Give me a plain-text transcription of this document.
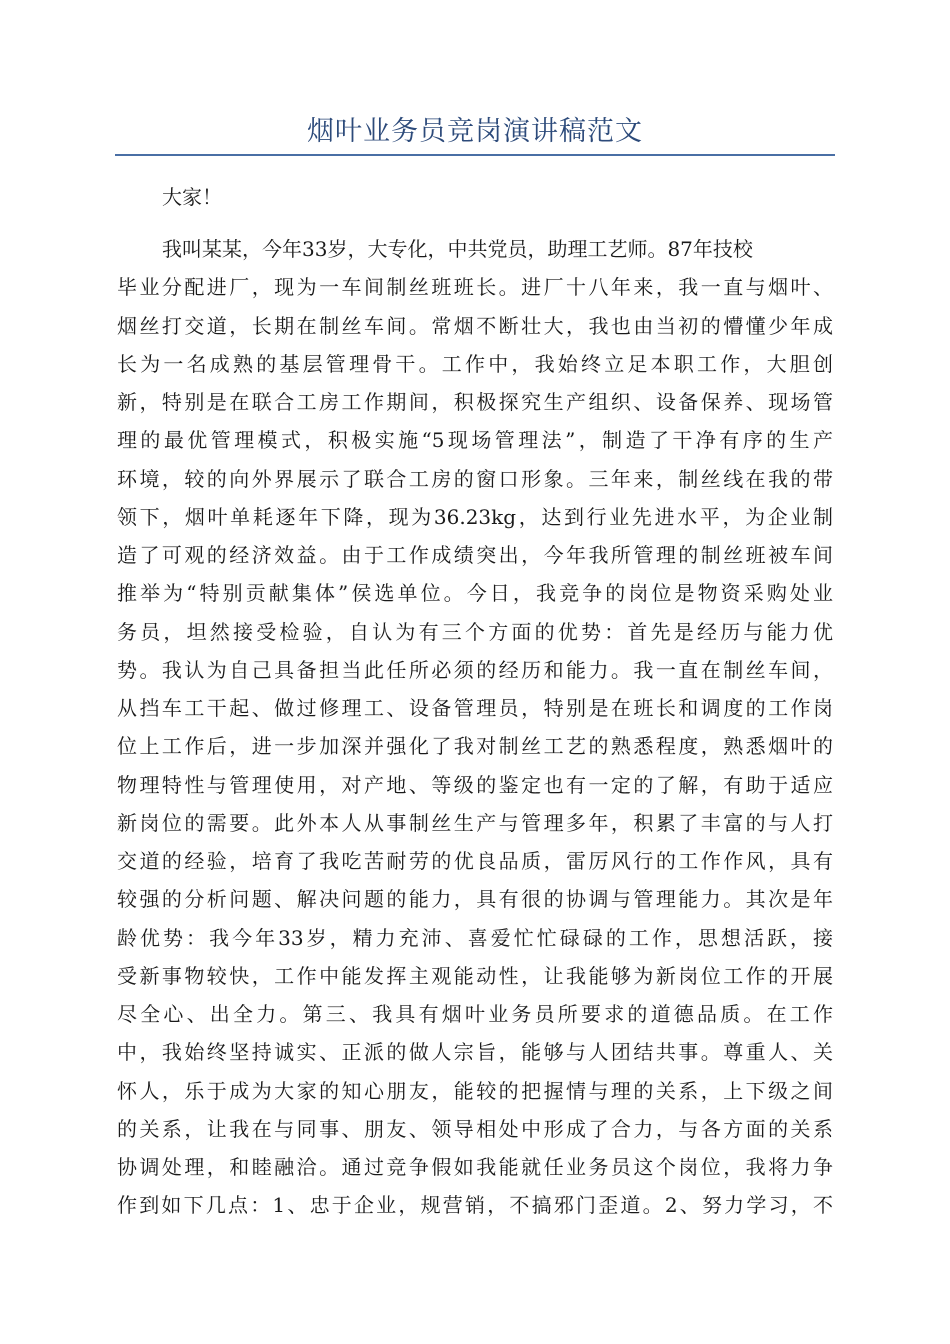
烟叶业务员竞岗演讲稿范文
大家！
我叫某某，今年33岁，大专化，中共党员，助理工艺师。87年技校
毕业分配进厂，现为一车间制丝班班长。进厂十八年来，我一直与烟叶、
烟丝打交道，长期在制丝车间。常烟不断壮大，我也由当初的懵懂少年成
长为一名成熟的基层管理骨干。工作中，我始终立足本职工作，大胆创
新，特别是在联合工房工作期间，积极探究生产组织、设备保养、现场管
理的最优管理模式，积极实施“5现场管理法”，制造了干净有序的生产
环境，较的向外界展示了联合工房的窗口形象。三年来，制丝线在我的带
领下，烟叶单耗逐年下降，现为36.23kg，达到行业先进水平，为企业制
造了可观的经济效益。由于工作成绩突出，今年我所管理的制丝班被车间
推举为“特别贡献集体”侯选单位。今日，我竞争的岗位是物资采购处业
务员，坦然接受检验，自认为有三个方面的优势：首先是经历与能力优
势。我认为自己具备担当此任所必须的经历和能力。我一直在制丝车间，
从挡车工干起、做过修理工、设备管理员，特别是在班长和调度的工作岗
位上工作后，进一步加深并强化了我对制丝工艺的熟悉程度，熟悉烟叶的
物理特性与管理使用，对产地、等级的鉴定也有一定的了解，有助于适应
新岗位的需要。此外本人从事制丝生产与管理多年，积累了丰富的与人打
交道的经验，培育了我吃苦耐劳的优良品质，雷厉风行的工作作风，具有
较强的分析问题、解决问题的能力，具有很的协调与管理能力。其次是年
龄优势：我今年33岁，精力充沛、喜爱忙忙碌碌的工作，思想活跃，接
受新事物较快，工作中能发挥主观能动性，让我能够为新岗位工作的开展
尽全心、出全力。第三、我具有烟叶业务员所要求的道德品质。在工作
中，我始终坚持诚实、正派的做人宗旨，能够与人团结共事。尊重人、关
怀人，乐于成为大家的知心朋友，能较的把握情与理的关系，上下级之间
的关系，让我在与同事、朋友、领导相处中形成了合力，与各方面的关系
协调处理，和睦融洽。通过竞争假如我能就任业务员这个岗位，我将力争
作到如下几点：1、忠于企业，规营销，不搞邪门歪道。2、努力学习，不
